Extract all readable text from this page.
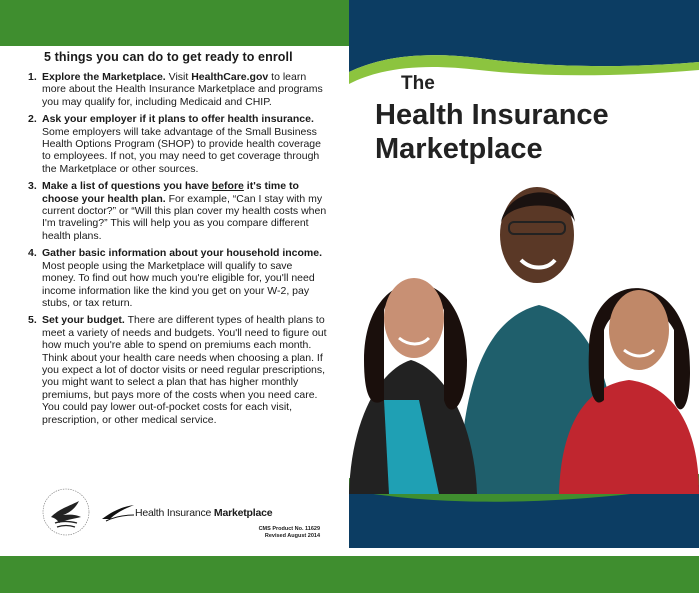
5 things you can do to get ready to enroll
1. Explore the Marketplace. Visit HealthCare.gov to learn more about the Health Insurance Marketplace and programs you may qualify for, including Medicaid and CHIP.
2. Ask your employer if it plans to offer health insurance. Some employers will take advantage of the Small Business Health Options Program (SHOP) to provide health coverage to employees. If not, you may need to get coverage through the Marketplace or other sources.
3. Make a list of questions you have before it's time to choose your health plan. For example, “Can I stay with my current doctor?” or “Will this plan cover my health costs when I'm traveling?” This will help you as you compare different health plans.
4. Gather basic information about your household income. Most people using the Marketplace will qualify to save money. To find out how much you're eligible for, you'll need income information like the kind you get on your W-2, pay stubs, or tax return.
5. Set your budget. There are different types of health plans to meet a variety of needs and budgets. You'll need to figure out how much you're able to spend on premiums each month. Think about your health care needs when choosing a plan. If you expect a lot of doctor visits or need regular prescriptions, you might want to select a plan that has higher monthly premiums, but pays more of the costs when you need care. You could pay lower out-of-pocket costs for each visit, prescription, or other medical service.
Health Insurance Marketplace
CMS Product No. 11629
Revised August 2014
The
Health Insurance
Marketplace
